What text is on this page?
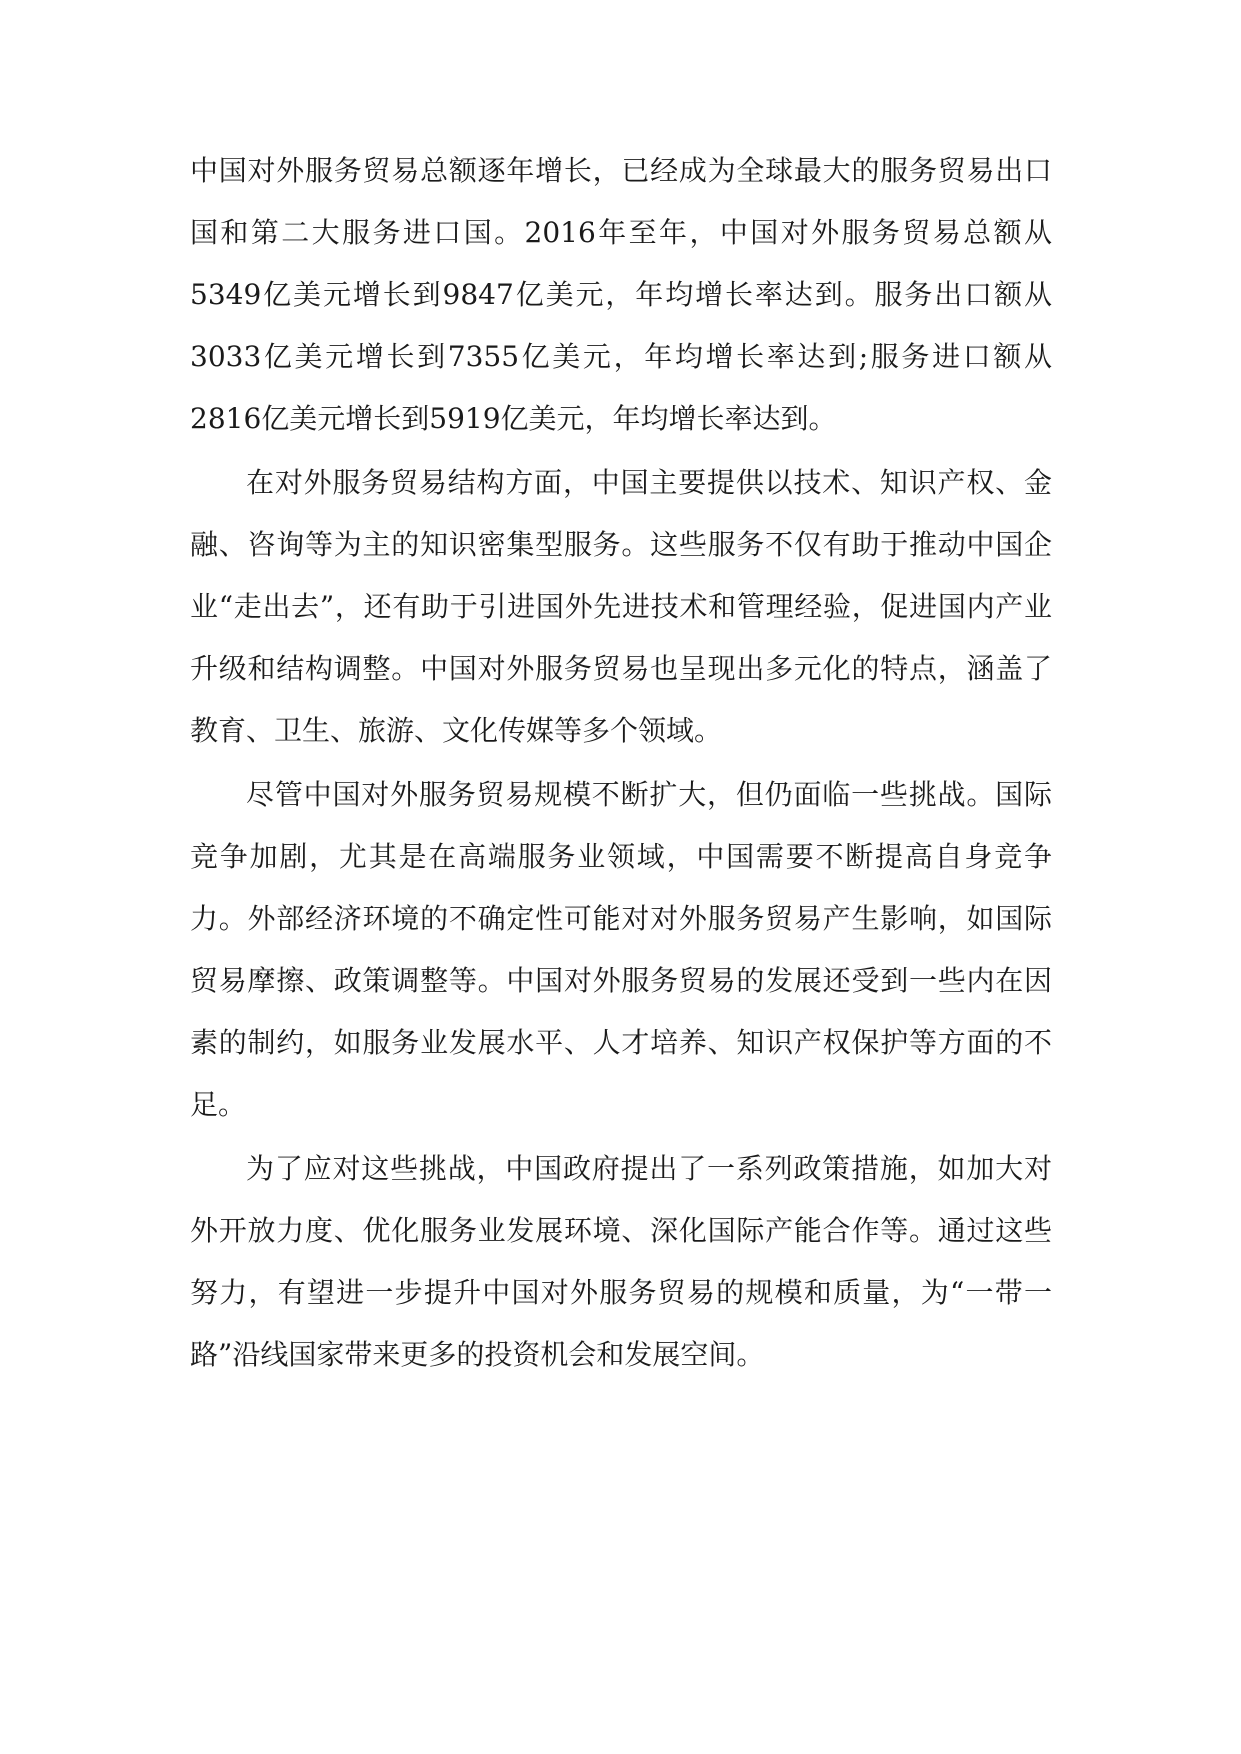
中国对外服务贸易总额逐年增长，已经成为全球最大的服务贸易出口国和第二大服务进口国。2016年至年，中国对外服务贸易总额从5349亿美元增长到9847亿美元，年均增长率达到。服务出口额从3033亿美元增长到7355亿美元，年均增长率达到;服务进口额从2816亿美元增长到5919亿美元，年均增长率达到。

在对外服务贸易结构方面，中国主要提供以技术、知识产权、金融、咨询等为主的知识密集型服务。这些服务不仅有助于推动中国企业“走出去”，还有助于引进国外先进技术和管理经验，促进国内产业升级和结构调整。中国对外服务贸易也呈现出多元化的特点，涵盖了教育、卫生、旅游、文化传媒等多个领域。

尽管中国对外服务贸易规模不断扩大，但仍面临一些挑战。国际竞争加剧，尤其是在高端服务业领域，中国需要不断提高自身竞争力。外部经济环境的不确定性可能对对外服务贸易产生影响，如国际贸易摩擦、政策调整等。中国对外服务贸易的发展还受到一些内在因素的制约，如服务业发展水平、人才培养、知识产权保护等方面的不足。

为了应对这些挑战，中国政府提出了一系列政策措施，如加大对外开放力度、优化服务业发展环境、深化国际产能合作等。通过这些努力，有望进一步提升中国对外服务贸易的规模和质量，为“一带一路”沿线国家带来更多的投资机会和发展空间。
